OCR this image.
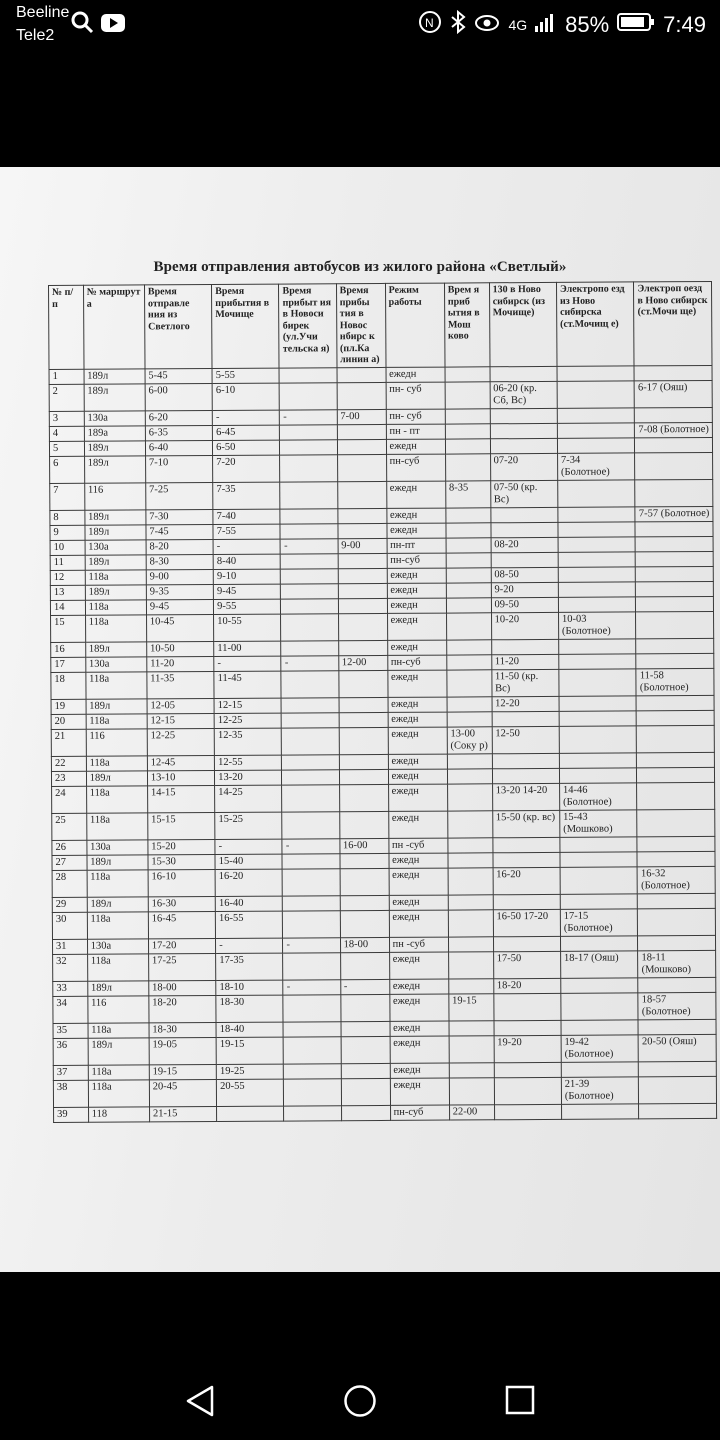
Beeline
Tele2
N	4G 85% 7:49
Время отправления автобусов из жилого района «Светлый»
№ п/ п	№ маршрут а	Время отправле ния из Светлого	Время прибытия в Мочище	Время прибыт ия в Новоси бирек (ул.Учи тельска я)	Время прибы тия в Новос нбирс к (пл.Ка линин а)	Режим работы	Врем я приб ытия в Мош ково	130 в Ново сибирск (из Мочище)	Электропо езд из Ново сибирска (ст.Мочищ е)	Электроп оезд в Ново сибирск (ст.Мочи ще)
1	189л	5-45	5-55			ежедн				
2	189л	6-00	6-10			пн- суб		06-20 (кр. Сб, Вс)		6-17 (Ояш)
3	130а	6-20	-	-	7-00	пн- суб				
4	189а	6-35	6-45			пн - пт				7-08 (Болотное)
5	189л	6-40	6-50			ежедн				
6	189л	7-10	7-20			пн-суб		07-20	7-34 (Болотное)	
7	116	7-25	7-35			ежедн	8-35	07-50 (кр. Вс)		
8	189л	7-30	7-40			ежедн				7-57 (Болотное)
9	189л	7-45	7-55			ежедн				
10	130а	8-20	-	-	9-00	пн-пт		08-20		
11	189л	8-30	8-40			пн-суб				
12	118а	9-00	9-10			ежедн		08-50		
13	189л	9-35	9-45			ежедн		9-20		
14	118а	9-45	9-55			ежедн		09-50		
15	118а	10-45	10-55			ежедн		10-20	10-03 (Болотное)	
16	189л	10-50	11-00			ежедн				
17	130а	11-20	-	-	12-00	пн-суб		11-20		
18	118а	11-35	11-45			ежедн		11-50 (кр. Вс)		11-58 (Болотное)
19	189л	12-05	12-15			ежедн		12-20		
20	118а	12-15	12-25			ежедн				
21	116	12-25	12-35			ежедн	13-00 (Соку р)	12-50		
22	118а	12-45	12-55			ежедн				
23	189л	13-10	13-20			ежедн				
24	118а	14-15	14-25			ежедн		13-20 14-20	14-46 (Болотное)	
25	118а	15-15	15-25			ежедн		15-50 (кр. вс)	15-43 (Мошково)	
26	130а	15-20	-	-	16-00	пн -суб				
27	189л	15-30	15-40			ежедн				
28	118а	16-10	16-20			ежедн		16-20		16-32 (Болотное)
29	189л	16-30	16-40			ежедн				
30	118а	16-45	16-55			ежедн		16-50 17-20	17-15 (Болотное)	
31	130а	17-20	-	-	18-00	пн -суб				
32	118а	17-25	17-35			ежедн		17-50	18-17 (Ояш)	18-11 (Мошково)
33	189л	18-00	18-10	-	-	ежедн		18-20		
34	116	18-20	18-30			ежедн	19-15			18-57 (Болотное)
35	118а	18-30	18-40			ежедн				
36	189л	19-05	19-15			ежедн		19-20	19-42 (Болотное)	20-50 (Ояш)
37	118а	19-15	19-25			ежедн				
38	118а	20-45	20-55			ежедн			21-39 (Болотное)	
39	118	21-15				пн-суб	22-00			
